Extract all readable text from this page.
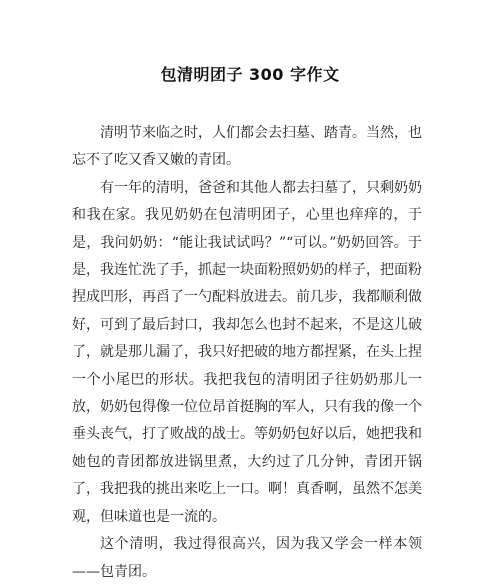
包清明团子 300 字作文

清明节来临之时，人们都会去扫墓、踏青。当然，也忘不了吃又香又嫩的青团。

有一年的清明，爸爸和其他人都去扫墓了，只剩奶奶和我在家。我见奶奶在包清明团子，心里也痒痒的，于是，我问奶奶：“能让我试试吗？”“可以。”奶奶回答。于是，我连忙洗了手，抓起一块面粉照奶奶的样子，把面粉捏成凹形，再舀了一勺配料放进去。前几步，我都顺利做好，可到了最后封口，我却怎么也封不起来，不是这儿破了，就是那儿漏了，我只好把破的地方都捏紧，在头上捏一个小尾巴的形状。我把我包的清明团子往奶奶那儿一放，奶奶包得像一位位昂首挺胸的军人，只有我的像一个垂头丧气，打了败战的战士。等奶奶包好以后，她把我和她包的青团都放进锅里煮，大约过了几分钟，青团开锅了，我把我的挑出来吃上一口。啊！真香啊，虽然不怎美观，但味道也是一流的。

这个清明，我过得很高兴，因为我又学会一样本领——包青团。
